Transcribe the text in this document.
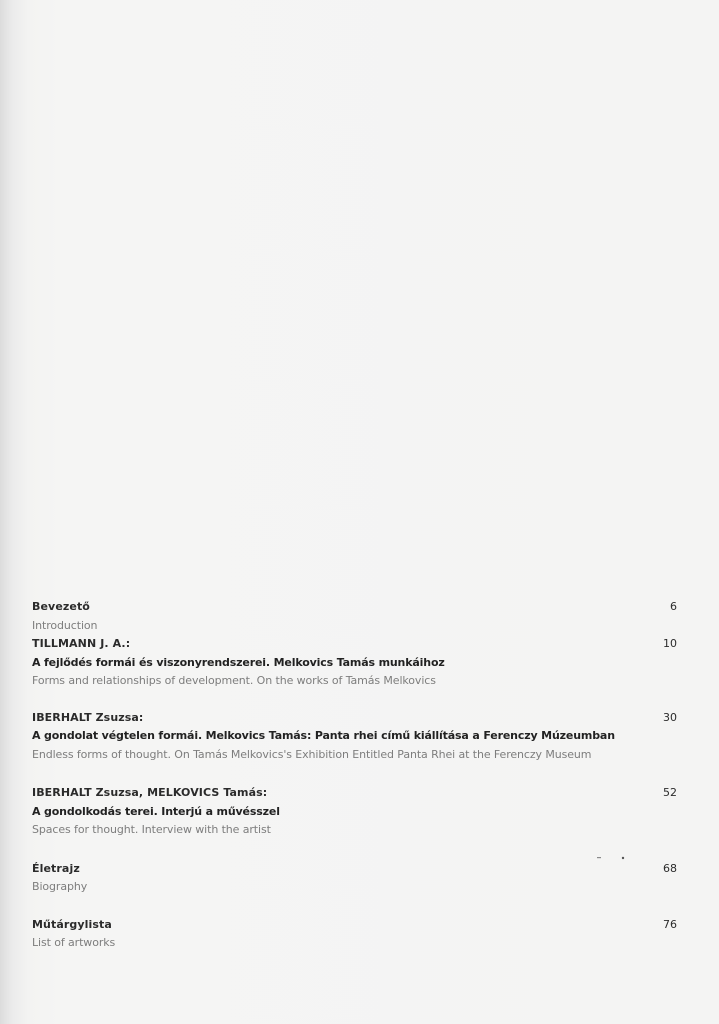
Bevezető
Introduction
6
TILLMANN J. A.:
A fejlődés formái és viszonyrendszerei. Melkovics Tamás munkáihoz
Forms and relationships of development. On the works of Tamás Melkovics
10
IBERHALT Zsuzsa:
A gondolat végtelen formái. Melkovics Tamás: Panta rhei című kiállítása a Ferenczy Múzeumban
Endless forms of thought. On Tamás Melkovics's Exhibition Entitled Panta Rhei at the Ferenczy Museum
30
IBERHALT Zsuzsa, MELKOVICS Tamás:
A gondolkodás terei. Interjú a művésszel
Spaces for thought. Interview with the artist
52
Életrajz
Biography
68
Műtárgylista
List of artworks
76
